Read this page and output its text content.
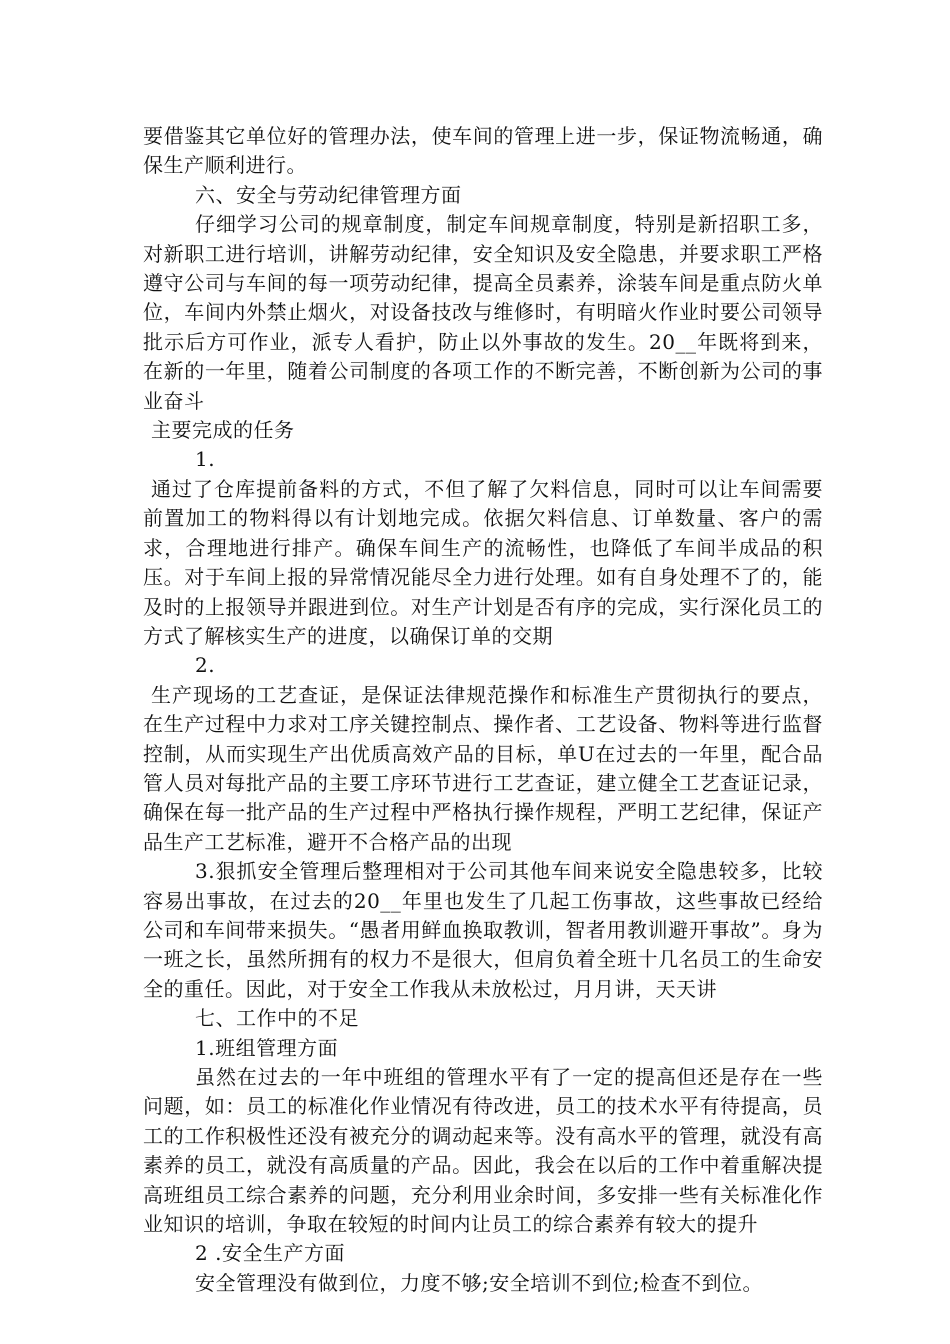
要借鉴其它单位好的管理办法，使车间的管理上进一步，保证物流畅通，确保生产顺利进行。

六、安全与劳动纪律管理方面

仔细学习公司的规章制度，制定车间规章制度，特别是新招职工多，对新职工进行培训，讲解劳动纪律，安全知识及安全隐患，并要求职工严格遵守公司与车间的每一项劳动纪律，提高全员素养，涂装车间是重点防火单位，车间内外禁止烟火，对设备技改与维修时，有明暗火作业时要公司领导批示后方可作业，派专人看护，防止以外事故的发生。20__年既将到来，在新的一年里，随着公司制度的各项工作的不断完善，不断创新为公司的事业奋斗

主要完成的任务

1.

通过了仓库提前备料的方式，不但了解了欠料信息，同时可以让车间需要前置加工的物料得以有计划地完成。依据欠料信息、订单数量、客户的需求，合理地进行排产。确保车间生产的流畅性，也降低了车间半成品的积压。对于车间上报的异常情况能尽全力进行处理。如有自身处理不了的，能及时的上报领导并跟进到位。对生产计划是否有序的完成，实行深化员工的方式了解核实生产的进度，以确保订单的交期

2.

生产现场的工艺查证，是保证法律规范操作和标准生产贯彻执行的要点，在生产过程中力求对工序关键控制点、操作者、工艺设备、物料等进行监督控制，从而实现生产出优质高效产品的目标，单U在过去的一年里，配合品管人员对每批产品的主要工序环节进行工艺查证，建立健全工艺查证记录，确保在每一批产品的生产过程中严格执行操作规程，严明工艺纪律，保证产品生产工艺标准，避开不合格产品的出现

3.狠抓安全管理后整理相对于公司其他车间来说安全隐患较多，比较容易出事故，在过去的20__年里也发生了几起工伤事故，这些事故已经给公司和车间带来损失。“愚者用鲜血换取教训，智者用教训避开事故”。身为一班之长，虽然所拥有的权力不是很大，但肩负着全班十几名员工的生命安全的重任。因此，对于安全工作我从未放松过，月月讲，天天讲

七、工作中的不足

1.班组管理方面

虽然在过去的一年中班组的管理水平有了一定的提高但还是存在一些问题，如：员工的标准化作业情况有待改进，员工的技术水平有待提高，员工的工作积极性还没有被充分的调动起来等。没有高水平的管理，就没有高素养的员工，就没有高质量的产品。因此，我会在以后的工作中着重解决提高班组员工综合素养的问题，充分利用业余时间，多安排一些有关标准化作业知识的培训，争取在较短的时间内让员工的综合素养有较大的提升

2 .安全生产方面

安全管理没有做到位，力度不够;安全培训不到位;检查不到位。
